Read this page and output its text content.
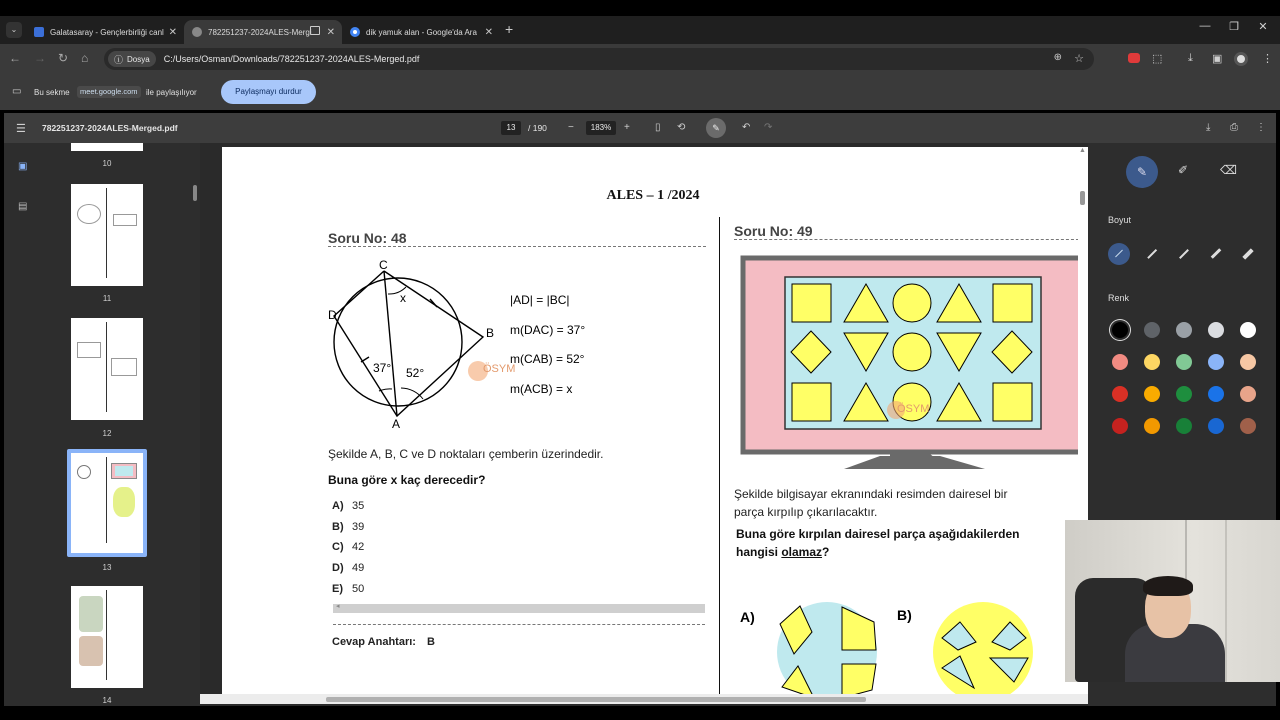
⌄	Galatasaray - Gençlerbirliği canl ✕	782251237-2024ALES-Mergi ✕	dik yamuk alan - Google'da Ara ✕ +	—	❐	✕
← → ↻ ⌂	ⓘ Dosya C:/Users/Osman/Downloads/782251237-2024ALES-Merged.pdf	☆
⊕	⬚ ⤓ ▣	⋮
▭ Bu sekme	meet.google.com	ile paylaşılıyor	Paylaşmayı durdur
☰ 782251237-2024ALES-Merged.pdf	13	/ 190 −	183%	+	▯ ⟲	✎	↶ ↷	⤓ ⎙ ⋮
▣
▤
10
11
12
13
14
ALES – 1 /2024
Soru No: 48
C
D
B
A
x
37° 52°	ÖSYM
|AD| = |BC|
m(DAC) = 37°
m(CAB) = 52°
m(ACB) = x
Şekilde A, B, C ve D noktaları çemberin üzerindedir.
Buna göre x kaç derecedir?
A) 35
B) 39
C) 42
D) 49
E) 50
◂
Cevap Anahtarı: B
Soru No: 49
ÖSYM
Şekilde bilgisayar ekranındaki resimden dairesel bir
parça kırpılıp çıkarılacaktır.
Buna göre kırpılan dairesel parça aşağıdakilerden
hangisi olamaz?
A)	B)
▲
✎	✐	⌫
Boyut
Renk
